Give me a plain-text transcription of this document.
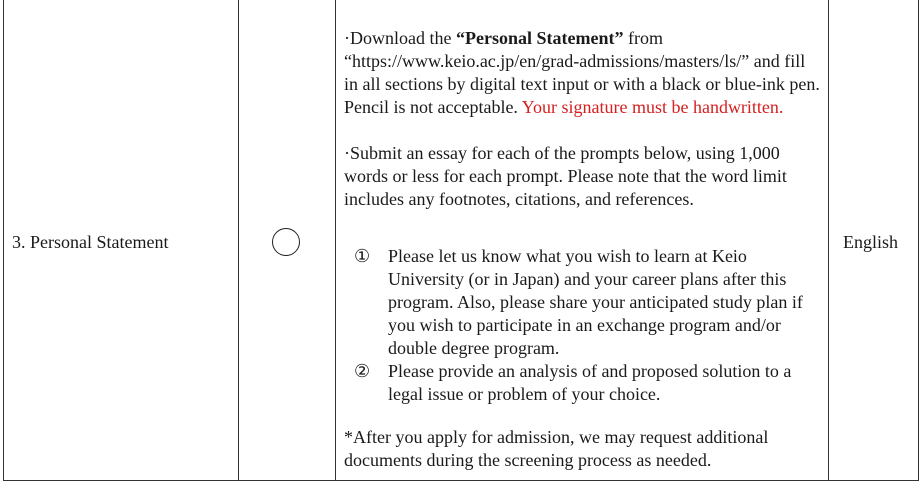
3. Personal Statement	English

·Download the “Personal Statement” from “https://www.keio.ac.jp/en/grad-admissions/masters/ls/” and fill in all sections by digital text input or with a black or blue-ink pen. Pencil is not acceptable. Your signature must be handwritten.

·Submit an essay for each of the prompts below, using 1,000 words or less for each prompt. Please note that the word limit includes any footnotes, citations, and references.

① Please let us know what you wish to learn at Keio University (or in Japan) and your career plans after this program. Also, please share your anticipated study plan if you wish to participate in an exchange program and/or double degree program.
② Please provide an analysis of and proposed solution to a legal issue or problem of your choice.

*After you apply for admission, we may request additional documents during the screening process as needed.
